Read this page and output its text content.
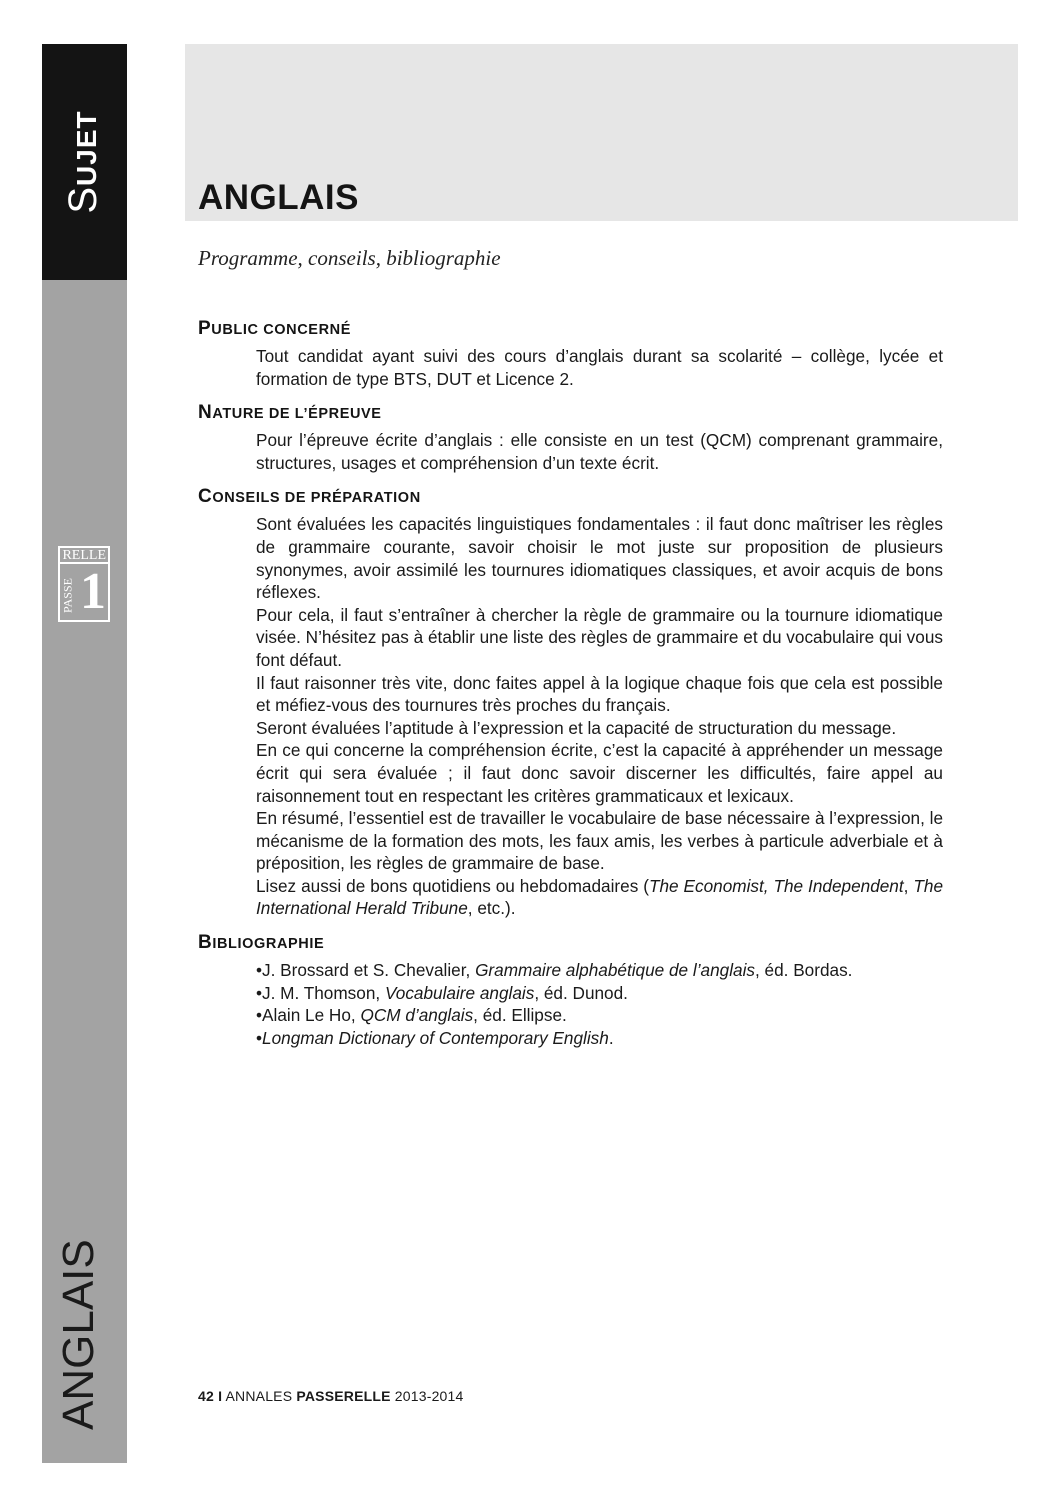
SUJET
RELLE
PASSE 1
ANGLAIS
ANGLAIS
Programme, conseils, bibliographie
PUBLIC CONCERNÉ

Tout candidat ayant suivi des cours d’anglais durant sa scolarité – collège, lycée et formation de type BTS, DUT et Licence 2.

NATURE DE L’ÉPREUVE

Pour l’épreuve écrite d’anglais : elle consiste en un test (QCM) comprenant grammaire, structures, usages et compréhension d’un texte écrit.

CONSEILS DE PRÉPARATION

Sont évaluées les capacités linguistiques fondamentales : il faut donc maîtriser les règles de grammaire courante, savoir choisir le mot juste sur proposition de plusieurs synonymes, avoir assimilé les tournures idiomatiques classiques, et avoir acquis de bons réflexes.

Pour cela, il faut s’entraîner à chercher la règle de grammaire ou la tournure idiomatique visée. N’hésitez pas à établir une liste des règles de grammaire et du vocabulaire qui vous font défaut.

Il faut raisonner très vite, donc faites appel à la logique chaque fois que cela est possible et méfiez-vous des tournures très proches du français.

Seront évaluées l’aptitude à l’expression et la capacité de structuration du message.

En ce qui concerne la compréhension écrite, c’est la capacité à appréhender un message écrit qui sera évaluée ; il faut donc savoir discerner les difficultés, faire appel au raisonnement tout en respectant les critères grammaticaux et lexicaux.

En résumé, l’essentiel est de travailler le vocabulaire de base nécessaire à l’expression, le mécanisme de la formation des mots, les faux amis, les verbes à particule adverbiale et à préposition, les règles de grammaire de base.

Lisez aussi de bons quotidiens ou hebdomadaires (The Economist, The Independent, The International Herald Tribune, etc.).

BIBLIOGRAPHIE
• J. Brossard et S. Chevalier, Grammaire alphabétique de l’anglais, éd. Bordas.
• J. M. Thomson, Vocabulaire anglais, éd. Dunod.
• Alain Le Ho, QCM d’anglais, éd. Ellipse.
• Longman Dictionary of Contemporary English.
42 I ANNALES PASSERELLE 2013-2014
